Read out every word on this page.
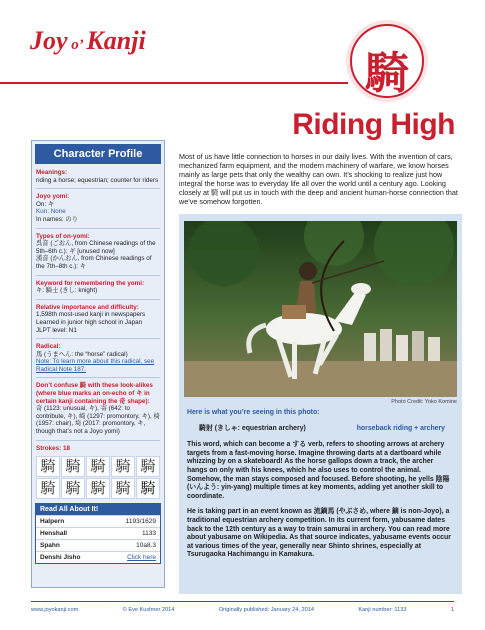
Joy o’ Kanji
騎
Riding High
Character Profile
Meanings:
riding a horse; equestrian; counter for riders
Joyo yomi:
On: キ
Kun: None
In names: のり
Types of on-yomi:
呉音 (ごおん, from Chinese readings of the 5th–6th c.): ギ [unused now]
漢音 (かんおん, from Chinese readings of the 7th–8th c.): キ
Keyword for remembering the yomi:
キ: 騎士 (きし: knight)
Relative importance and difficulty:
1,598th most-used kanji in newspapers
Learned in junior high school in Japan
JLPT level: N1
Radical:
馬 (うまへん: the “horse” radical)
Note: To learn more about this radical, see Radical Note 187.
Don’t confuse 騎 with these look-alikes (where blue marks an on-echo of キ in certain kanji containing the 奇 shape):
奇 (1123: unusual, キ), 寄 (642: to contribute, キ), 崎 (1297: promontory, キ), 椅 (1957: chair), 埼 (2017: promontory, キ, though that’s not a Joyo yomi)
Strokes: 18
騎 騎 騎 騎 騎
騎 騎 騎 騎 騎
Read All About It!
Halpern	1193/1629
Henshall	1133
Spahn	10a8.3
Denshi Jisho	Click here
Most of us have little connection to horses in our daily lives. With the invention of cars, mechanized farm equipment, and the modern machinery of warfare, we know horses mainly as large pets that only the wealthy can own. It’s shocking to realize just how integral the horse was to everyday life all over the world until a century ago. Looking closely at 騎 will put us in touch with the deep and ancient human-horse connection that we’ve somehow forgotten.
Photo Credit: Yoko Komine

Here is what you’re seeing in this photo:

騎射 (きしゃ: equestrian archery)	horseback riding + archery

This word, which can become a する verb, refers to shooting arrows at archery targets from a fast-moving horse. Imagine throwing darts at a dartboard while whizzing by on a skateboard! As the horse gallops down a track, the archer hangs on only with his knees, which he also uses to control the animal. Somehow, the man stays composed and focused. Before shooting, he yells 陰陽 (いんよう: yin-yang) multiple times at key moments, adding yet another skill to coordinate.

He is taking part in an event known as 流鏑馬 (やぶさめ, where 鏑 is non-Joyo), a traditional equestrian archery competition. In its current form, yabusame dates back to the 12th century as a way to train samurai in archery. You can read more about yabusame on Wikipedia. As that source indicates, yabusame events occur at various times of the year, generally near Shinto shrines, especially at Tsurugaoka Hachimangu in Kamakura.

www.joyokanji.com	© Eve Kushner 2014	Originally published: January 24, 2014	Kanji number: 1133	1
